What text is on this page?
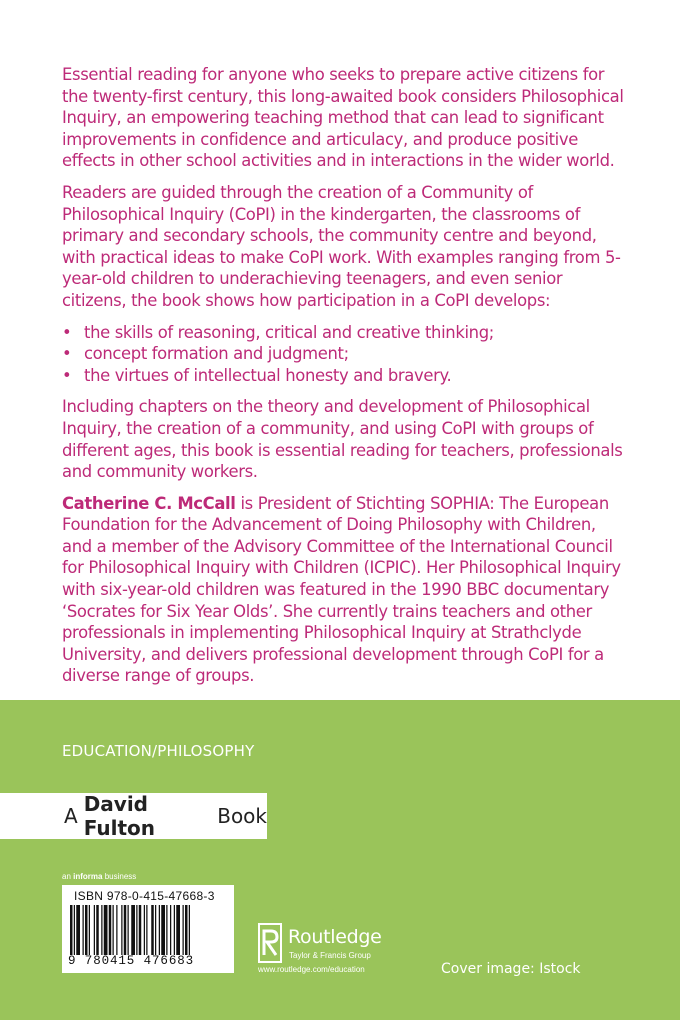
Essential reading for anyone who seeks to prepare active citizens for the twenty-first century, this long-awaited book considers Philosophical Inquiry, an empowering teaching method that can lead to significant improvements in confidence and articulacy, and produce positive effects in other school activities and in interactions in the wider world.

Readers are guided through the creation of a Community of Philosophical Inquiry (CoPI) in the kindergarten, the classrooms of primary and secondary schools, the community centre and beyond, with practical ideas to make CoPI work. With examples ranging from 5-year-old children to underachieving teenagers, and even senior citizens, the book shows how participation in a CoPI develops:

• the skills of reasoning, critical and creative thinking;
• concept formation and judgment;
• the virtues of intellectual honesty and bravery.

Including chapters on the theory and development of Philosophical Inquiry, the creation of a community, and using CoPI with groups of different ages, this book is essential reading for teachers, professionals and community workers.

Catherine C. McCall is President of Stichting SOPHIA: The European Foundation for the Advancement of Doing Philosophy with Children, and a member of the Advisory Committee of the International Council for Philosophical Inquiry with Children (ICPIC). Her Philosophical Inquiry with six-year-old children was featured in the 1990 BBC documentary ‘Socrates for Six Year Olds’. She currently trains teachers and other professionals in implementing Philosophical Inquiry at Strathclyde University, and delivers professional development through CoPI for a diverse range of groups.

EDUCATION/PHILOSOPHY
A David Fulton	Book
an informa business
ISBN 978-0-415-47668-3
9 780415 476683
Routledge
Taylor & Francis Group
www.routledge.com/education	Cover image: Istock
